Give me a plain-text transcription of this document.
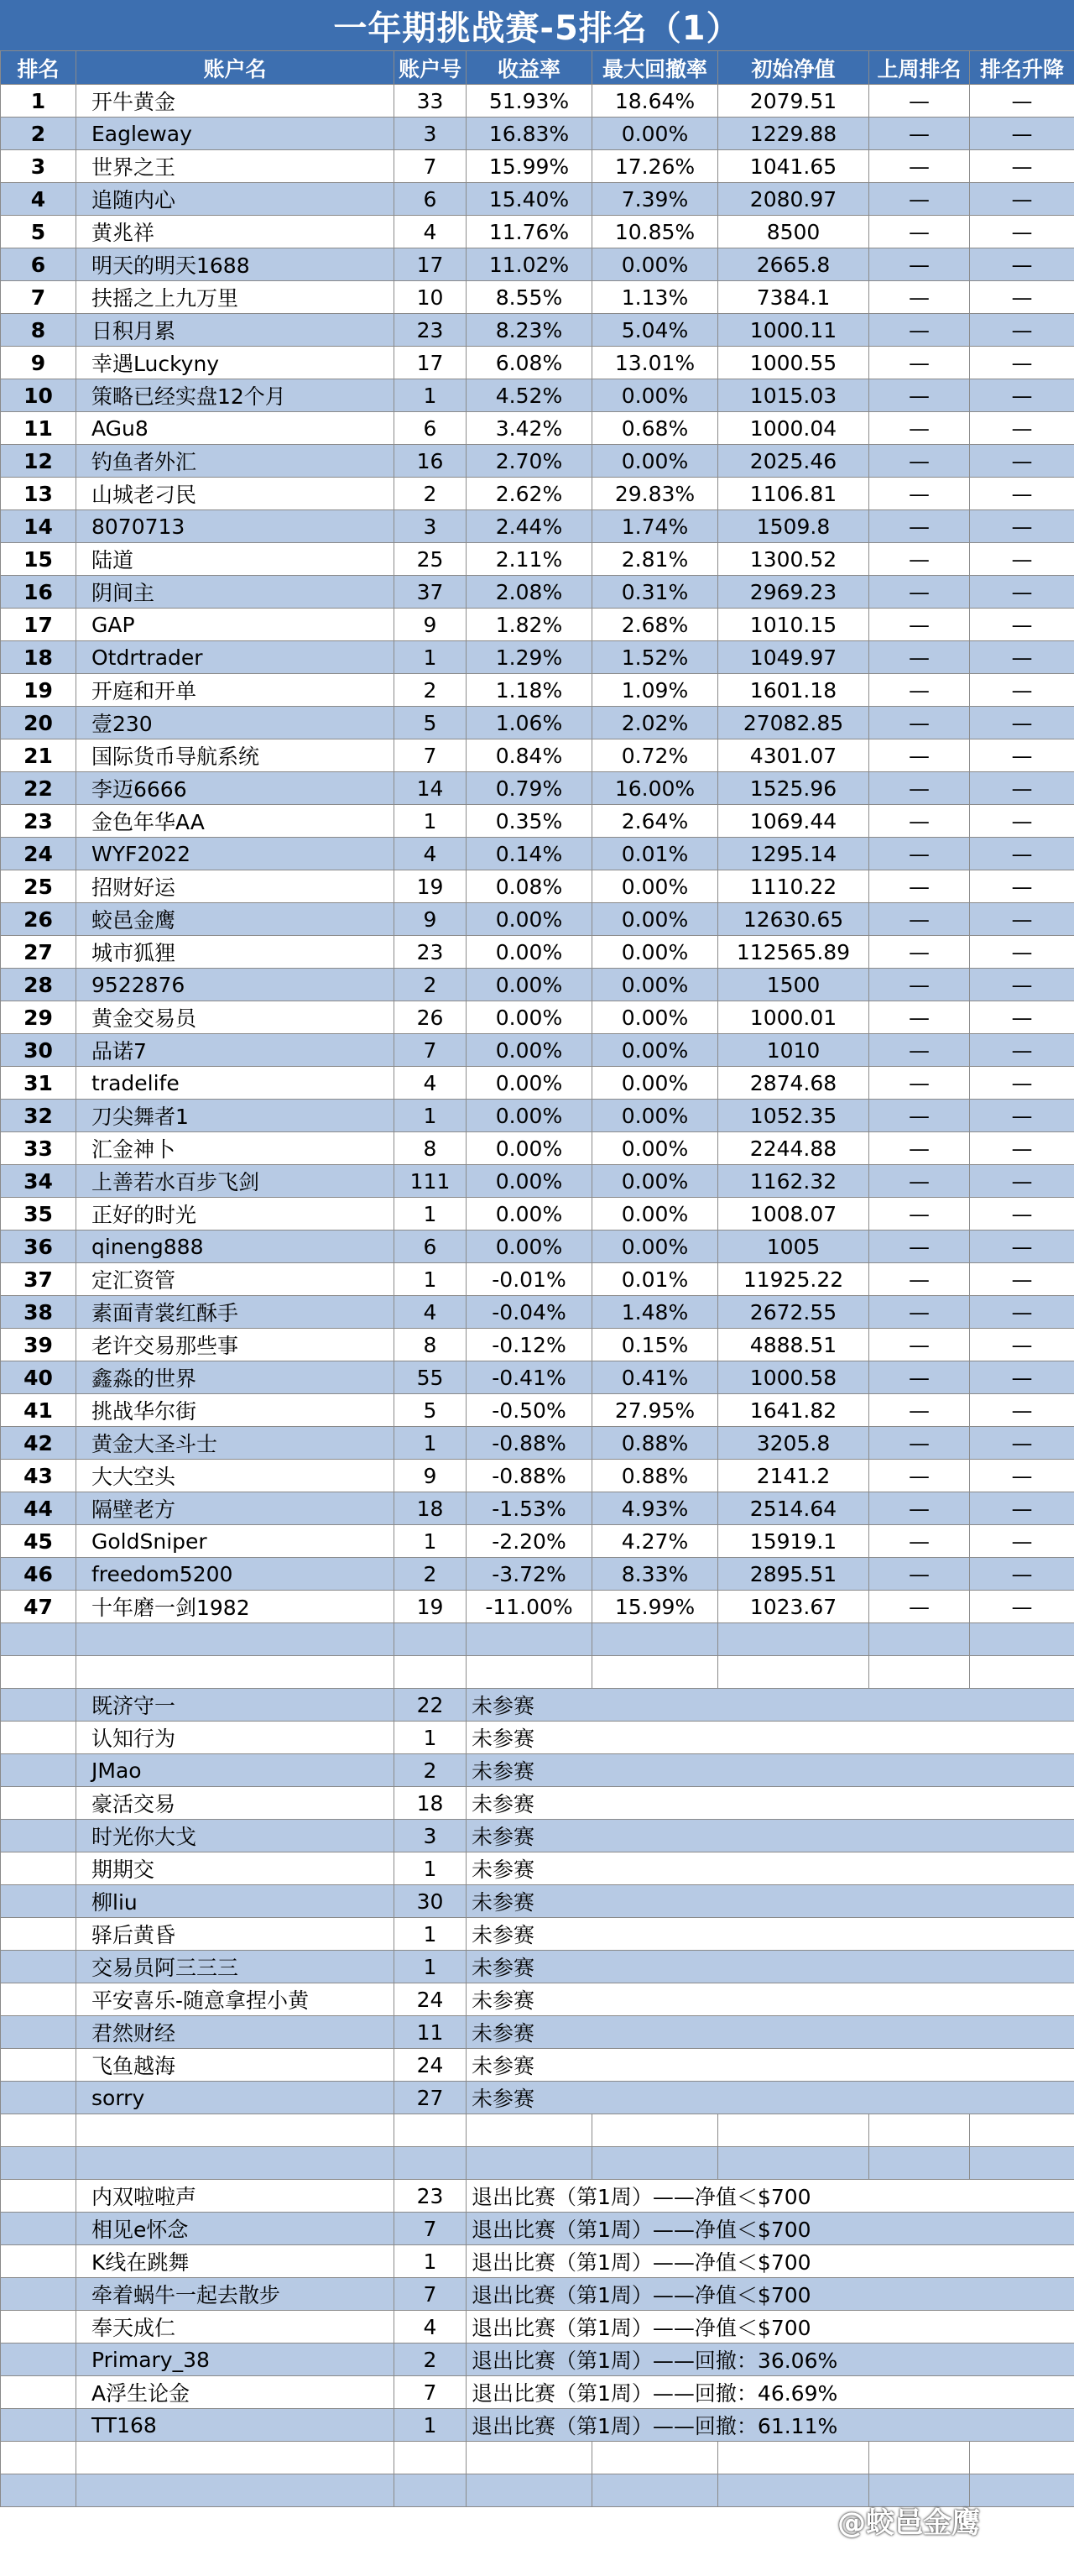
一年期挑战赛-5排名（1）
排名	账户名	账户号	收益率	最大回撤率	初始净值	上周排名	排名升降
1	开牛黄金	33	51.93%	18.64%	2079.51	—	—
2	Eagleway	3	16.83%	0.00%	1229.88	—	—
3	世界之王	7	15.99%	17.26%	1041.65	—	—
4	追随内心	6	15.40%	7.39%	2080.97	—	—
5	黄兆祥	4	11.76%	10.85%	8500	—	—
6	明天的明天1688	17	11.02%	0.00%	2665.8	—	—
7	扶摇之上九万里	10	8.55%	1.13%	7384.1	—	—
8	日积月累	23	8.23%	5.04%	1000.11	—	—
9	幸遇Luckyny	17	6.08%	13.01%	1000.55	—	—
10	策略已经实盘12个月	1	4.52%	0.00%	1015.03	—	—
11	AGu8	6	3.42%	0.68%	1000.04	—	—
12	钓鱼者外汇	16	2.70%	0.00%	2025.46	—	—
13	山城老刁民	2	2.62%	29.83%	1106.81	—	—
14	8070713	3	2.44%	1.74%	1509.8	—	—
15	陆道	25	2.11%	2.81%	1300.52	—	—
16	阴间主	37	2.08%	0.31%	2969.23	—	—
17	GAP	9	1.82%	2.68%	1010.15	—	—
18	Otdrtrader	1	1.29%	1.52%	1049.97	—	—
19	开庭和开单	2	1.18%	1.09%	1601.18	—	—
20	壹230	5	1.06%	2.02%	27082.85	—	—
21	国际货币导航系统	7	0.84%	0.72%	4301.07	—	—
22	李迈6666	14	0.79%	16.00%	1525.96	—	—
23	金色年华AA	1	0.35%	2.64%	1069.44	—	—
24	WYF2022	4	0.14%	0.01%	1295.14	—	—
25	招财好运	19	0.08%	0.00%	1110.22	—	—
26	蛟邑金鹰	9	0.00%	0.00%	12630.65	—	—
27	城市狐狸	23	0.00%	0.00%	112565.89	—	—
28	9522876	2	0.00%	0.00%	1500	—	—
29	黄金交易员	26	0.00%	0.00%	1000.01	—	—
30	品诺7	7	0.00%	0.00%	1010	—	—
31	tradelife	4	0.00%	0.00%	2874.68	—	—
32	刀尖舞者1	1	0.00%	0.00%	1052.35	—	—
33	汇金神卜	8	0.00%	0.00%	2244.88	—	—
34	上善若水百步飞剑	111	0.00%	0.00%	1162.32	—	—
35	正好的时光	1	0.00%	0.00%	1008.07	—	—
36	qineng888	6	0.00%	0.00%	1005	—	—
37	定汇资管	1	-0.01%	0.01%	11925.22	—	—
38	素面青裳红酥手	4	-0.04%	1.48%	2672.55	—	—
39	老许交易那些事	8	-0.12%	0.15%	4888.51	—	—
40	鑫淼的世界	55	-0.41%	0.41%	1000.58	—	—
41	挑战华尔街	5	-0.50%	27.95%	1641.82	—	—
42	黄金大圣斗士	1	-0.88%	0.88%	3205.8	—	—
43	大大空头	9	-0.88%	0.88%	2141.2	—	—
44	隔壁老方	18	-1.53%	4.93%	2514.64	—	—
45	GoldSniper	1	-2.20%	4.27%	15919.1	—	—
46	freedom5200	2	-3.72%	8.33%	2895.51	—	—
47	十年磨一剑1982	19	-11.00%	15.99%	1023.67	—	—

	既济守一	22	未参赛				
	认知行为	1	未参赛				
	JMao	2	未参赛				
	豪活交易	18	未参赛				
	时光你大戈	3	未参赛				
	期期交	1	未参赛				
	柳liu	30	未参赛				
	驿后黄昏	1	未参赛				
	交易员阿三三三	1	未参赛				
	平安喜乐-随意拿捏小黄	24	未参赛				
	君然财经	11	未参赛				
	飞鱼越海	24	未参赛				
	sorry	27	未参赛				

	内双啦啦声	23	退出比赛（第1周）——净值＜$700				
	相见e怀念	7	退出比赛（第1周）——净值＜$700				
	K线在跳舞	1	退出比赛（第1周）——净值＜$700				
	牵着蜗牛一起去散步	7	退出比赛（第1周）——净值＜$700				
	奉天成仁	4	退出比赛（第1周）——净值＜$700				
	Primary_38	2	退出比赛（第1周）——回撤：36.06%				
	A浮生论金	7	退出比赛（第1周）——回撤：46.69%				
	TT168	1	退出比赛（第1周）——回撤：61.11%				

@蛟邑金鹰
